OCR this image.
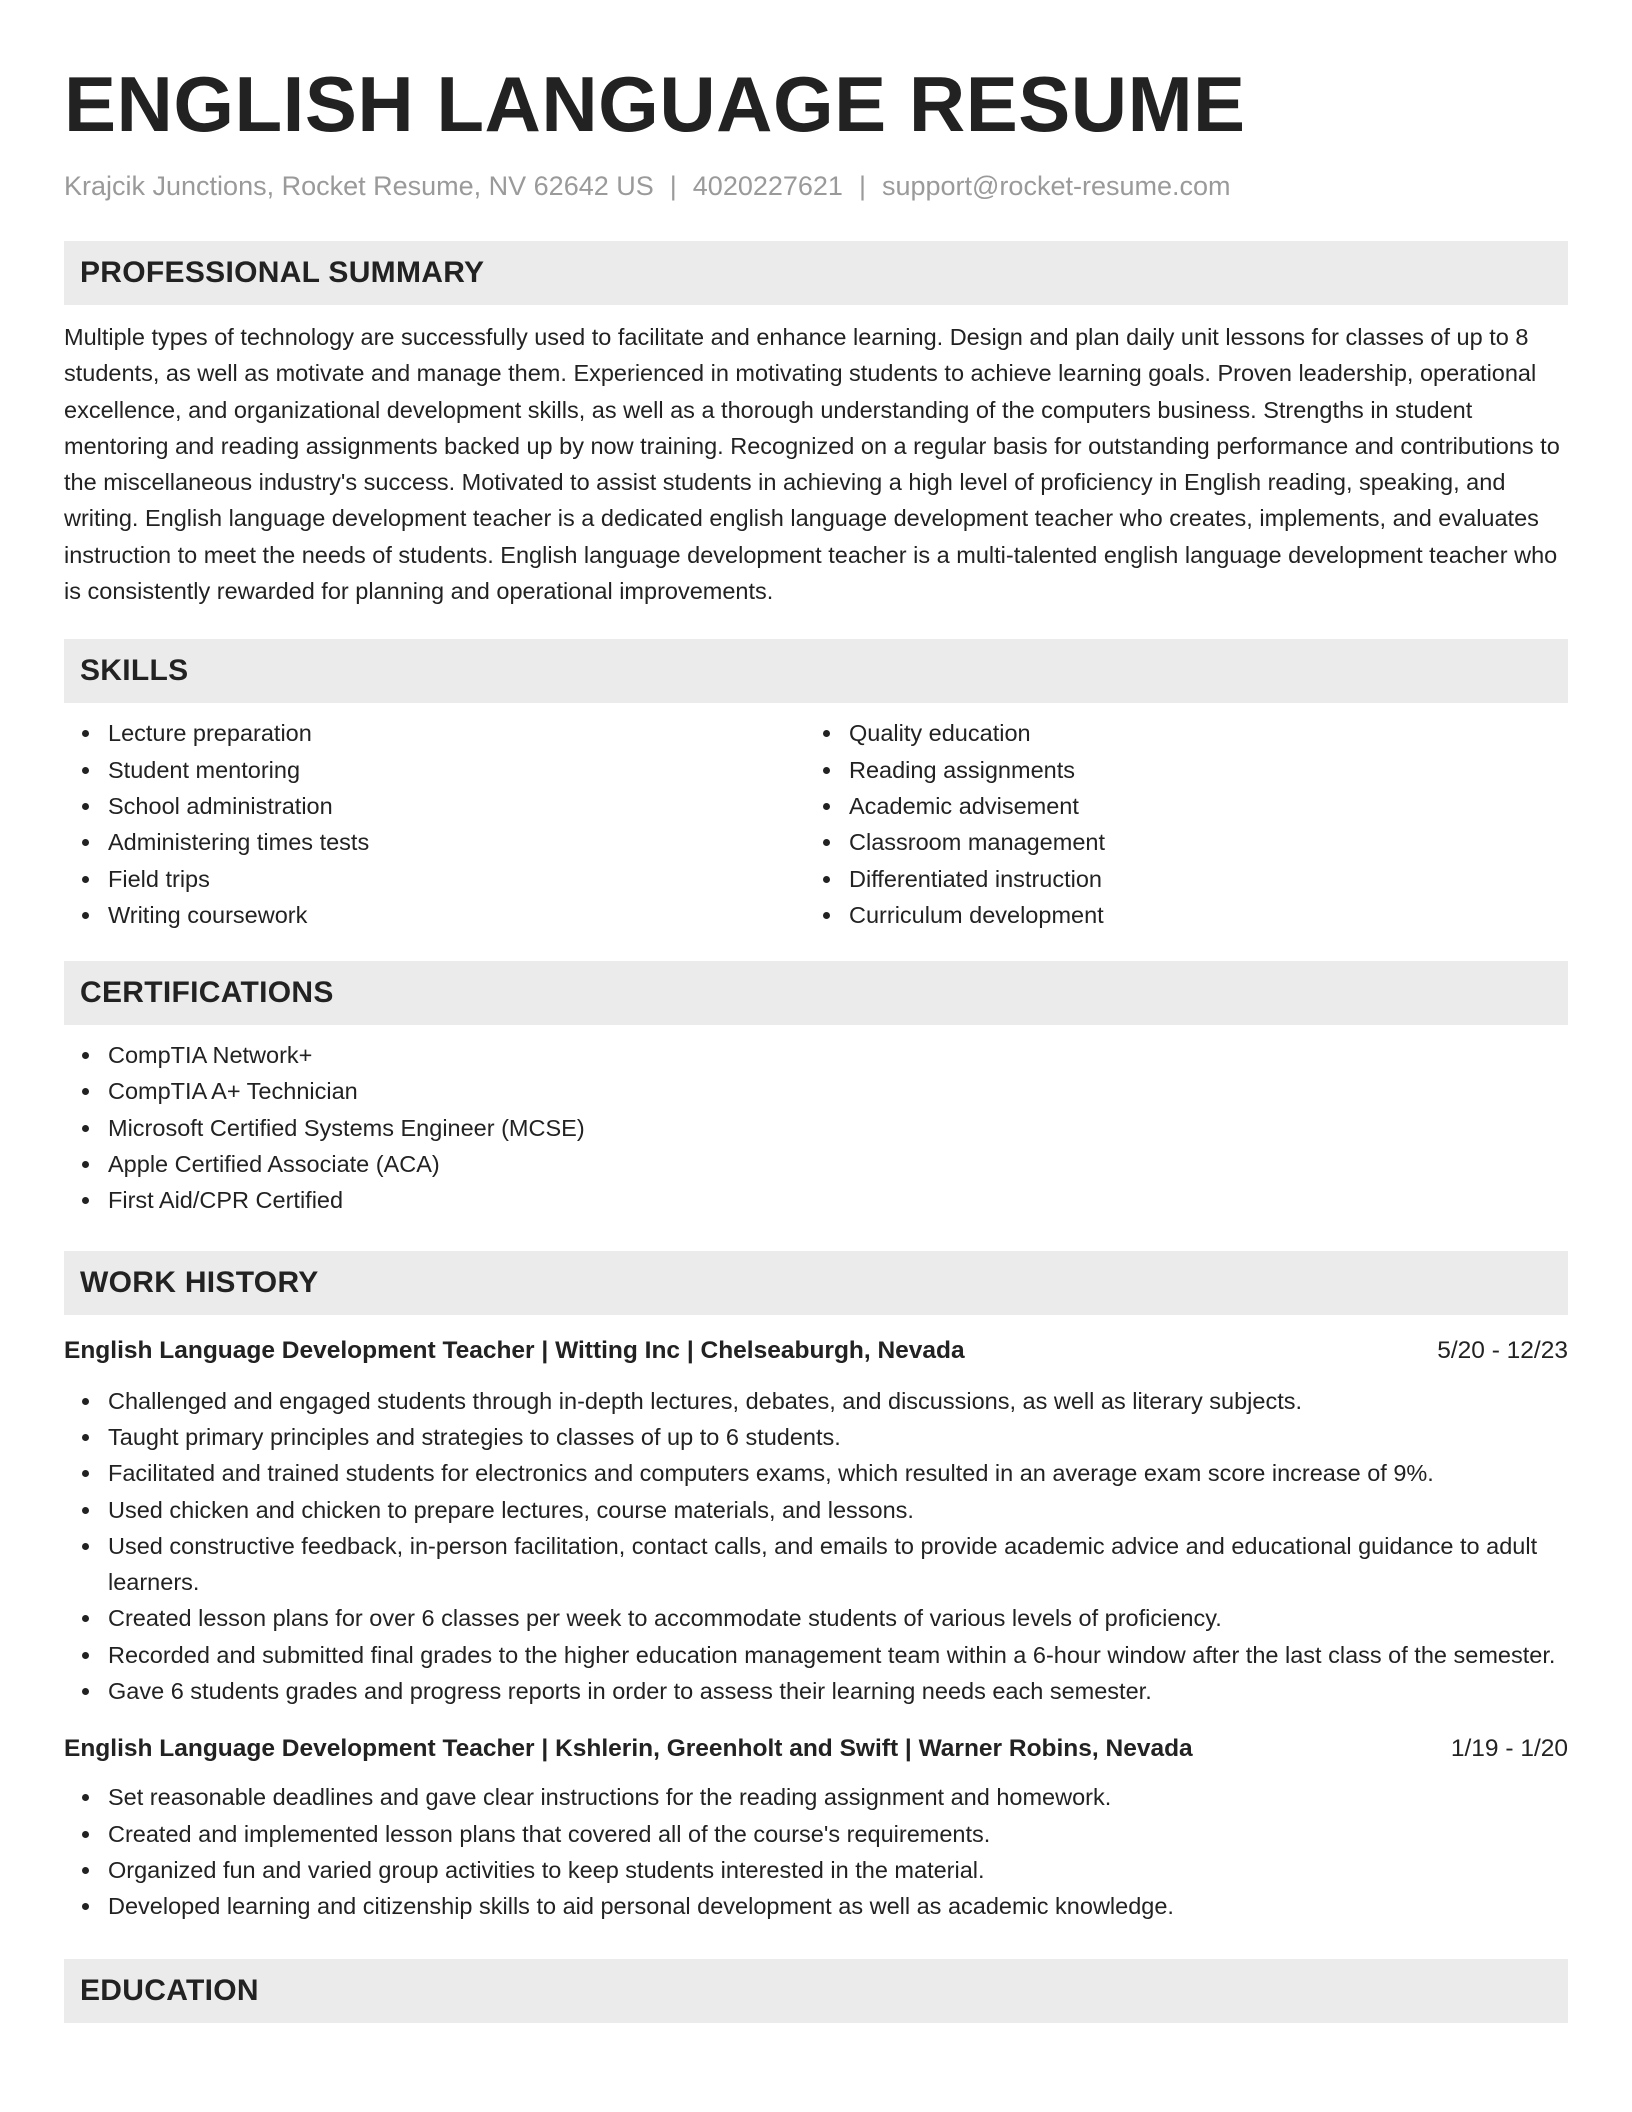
ENGLISH LANGUAGE RESUME
Krajcik Junctions, Rocket Resume, NV 62642 US | 4020227621 | support@rocket-resume.com
PROFESSIONAL SUMMARY

Multiple types of technology are successfully used to facilitate and enhance learning. Design and plan daily unit lessons for classes of up to 8 students, as well as motivate and manage them. Experienced in motivating students to achieve learning goals. Proven leadership, operational excellence, and organizational development skills, as well as a thorough understanding of the computers business. Strengths in student mentoring and reading assignments backed up by now training. Recognized on a regular basis for outstanding performance and contributions to the miscellaneous industry's success. Motivated to assist students in achieving a high level of proficiency in English reading, speaking, and writing. English language development teacher is a dedicated english language development teacher who creates, implements, and evaluates instruction to meet the needs of students. English language development teacher is a multi-talented english language development teacher who is consistently rewarded for planning and operational improvements.

SKILLS
Lecture preparation
Student mentoring
School administration
Administering times tests
Field trips
Writing coursework
Quality education
Reading assignments
Academic advisement
Classroom management
Differentiated instruction
Curriculum development
CERTIFICATIONS
CompTIA Network+
CompTIA A+ Technician
Microsoft Certified Systems Engineer (MCSE)
Apple Certified Associate (ACA)
First Aid/CPR Certified
WORK HISTORY
English Language Development Teacher | Witting Inc | Chelseaburgh, Nevada	5/20 - 12/23
Challenged and engaged students through in-depth lectures, debates, and discussions, as well as literary subjects.
Taught primary principles and strategies to classes of up to 6 students.
Facilitated and trained students for electronics and computers exams, which resulted in an average exam score increase of 9%.
Used chicken and chicken to prepare lectures, course materials, and lessons.
Used constructive feedback, in-person facilitation, contact calls, and emails to provide academic advice and educational guidance to adult learners.
Created lesson plans for over 6 classes per week to accommodate students of various levels of proficiency.
Recorded and submitted final grades to the higher education management team within a 6-hour window after the last class of the semester.
Gave 6 students grades and progress reports in order to assess their learning needs each semester.
English Language Development Teacher | Kshlerin, Greenholt and Swift | Warner Robins, Nevada	1/19 - 1/20
Set reasonable deadlines and gave clear instructions for the reading assignment and homework.
Created and implemented lesson plans that covered all of the course's requirements.
Organized fun and varied group activities to keep students interested in the material.
Developed learning and citizenship skills to aid personal development as well as academic knowledge.
EDUCATION
